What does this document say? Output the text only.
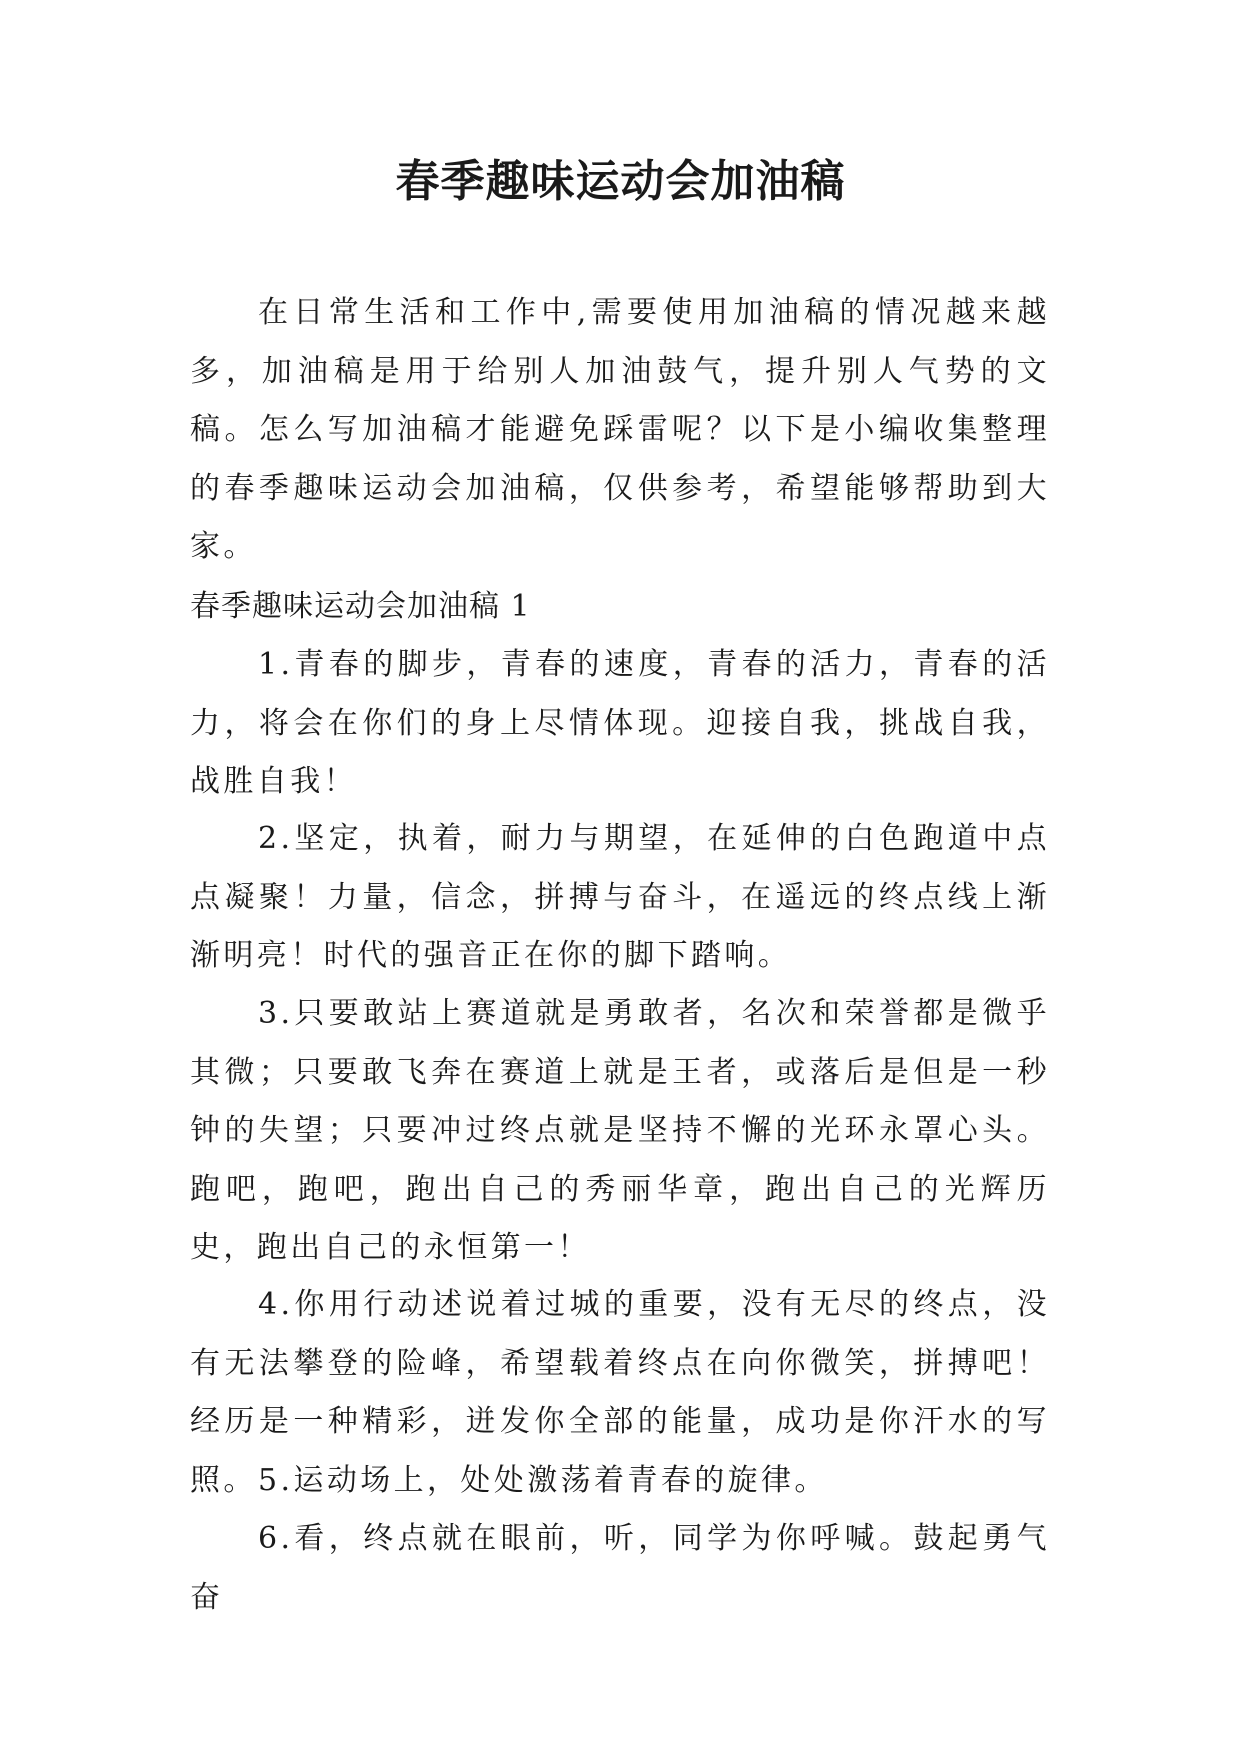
春季趣味运动会加油稿

在日常生活和工作中,需要使用加油稿的情况越来越多，加油稿是用于给别人加油鼓气，提升别人气势的文稿。怎么写加油稿才能避免踩雷呢？以下是小编收集整理的春季趣味运动会加油稿，仅供参考，希望能够帮助到大家。

春季趣味运动会加油稿 1

1.青春的脚步，青春的速度，青春的活力，青春的活力，将会在你们的身上尽情体现。迎接自我，挑战自我，战胜自我！

2.坚定，执着，耐力与期望，在延伸的白色跑道中点点凝聚！力量，信念，拼搏与奋斗，在遥远的终点线上渐渐明亮！时代的强音正在你的脚下踏响。

3.只要敢站上赛道就是勇敢者，名次和荣誉都是微乎其微；只要敢飞奔在赛道上就是王者，或落后是但是一秒钟的失望；只要冲过终点就是坚持不懈的光环永罩心头。跑吧，跑吧，跑出自己的秀丽华章，跑出自己的光辉历史，跑出自己的永恒第一！

4.你用行动述说着过城的重要，没有无尽的终点，没有无法攀登的险峰，希望载着终点在向你微笑，拼搏吧！经历是一种精彩，迸发你全部的能量，成功是你汗水的写照。 5.运动场上，处处激荡着青春的旋律。

6.看，终点就在眼前，听，同学为你呼喊。鼓起勇气奋
